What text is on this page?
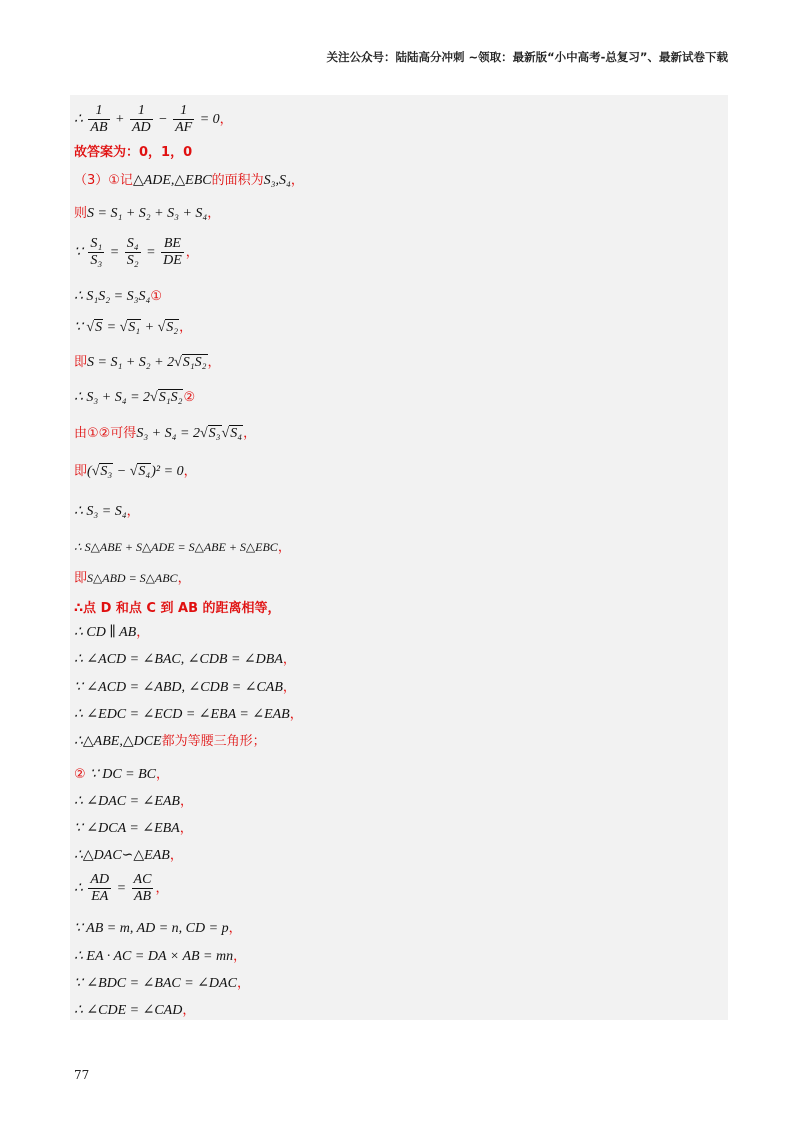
关注公众号：陆陆高分冲刺 ~领取：最新版“小中高考-总复习”、最新试卷下载
∴ $\frac{1}{AB} + \frac{1}{AD} - \frac{1}{AF} = 0$，
故答案为：0，1，0
（3）①记△ADE,△EBC的面积为S₃,S₄，
则S = S₁ + S₂ + S₃ + S₄，
∵ $\frac{\text{S₁}}{\text{S₃}} = \frac{\text{S₄}}{\text{S₂}} = \frac{BE}{DE}$ ，
∴ S₁S₂ = S₃S₄①
∵ √S = √S₁ + √S₂，
即S = S₁ + S₂ + 2√S₁S₂，
∴ S₃ + S₄ = 2√S₁S₂②
由①②可得S₃ + S₄ = 2√S₃√S₄，
即(√S₃ − √S₄)² = 0，
∴ S₃ = S₄，
∴ S△ABE + S△ADE = S△ABE + S△EBC，
即S△ABD = S△ABC，
∴点 D 和点 C 到 AB 的距离相等，
∴ CD ∥ AB，
∴ ∠ACD = ∠BAC, ∠CDB = ∠DBA，
∵ ∠ACD = ∠ABD, ∠CDB = ∠CAB，
∴ ∠EDC = ∠ECD = ∠EBA = ∠EAB，
∴△ABE,△DCE都为等腰三角形；
② ∵ DC = BC，
∴ ∠DAC = ∠EAB，
∵ ∠DCA = ∠EBA，
∴△DAC∽△EAB，
∴ $\frac{AD}{EA} = \frac{AC}{AB}$ ，
∵ AB = m, AD = n, CD = p，
∴ EA · AC = DA × AB = mn，
∵ ∠BDC = ∠BAC = ∠DAC，
∴ ∠CDE = ∠CAD，
77
